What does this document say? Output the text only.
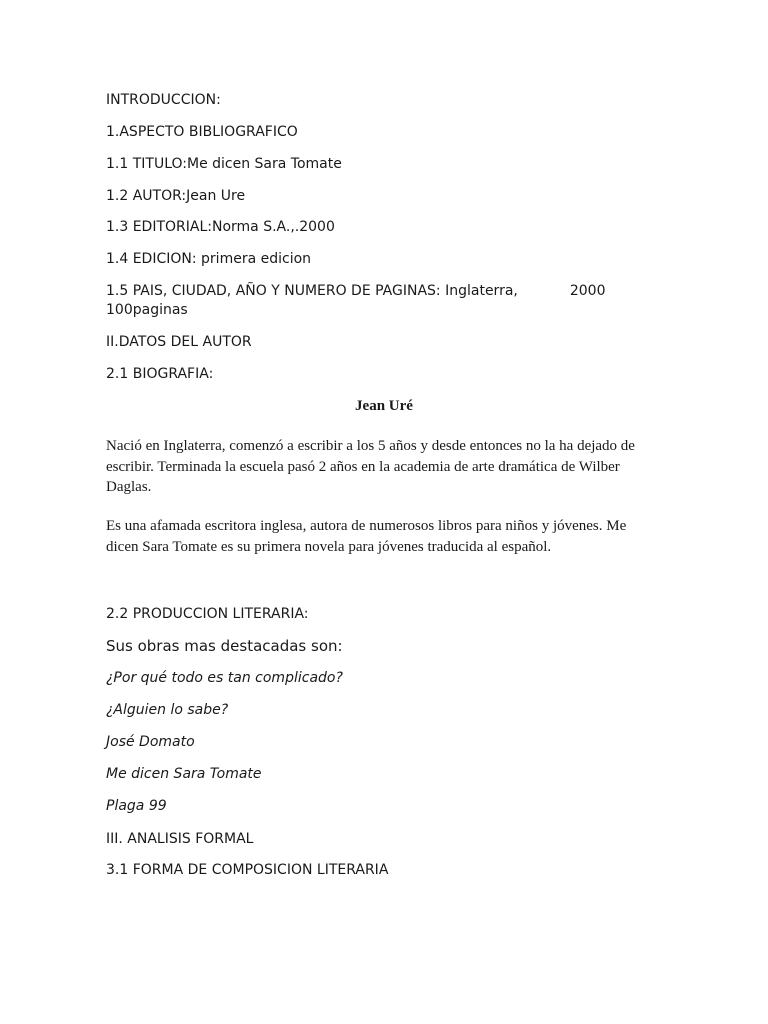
INTRODUCCION:
1.ASPECTO BIBLIOGRAFICO
1.1 TITULO:Me dicen Sara Tomate
1.2 AUTOR:Jean Ure
1.3 EDITORIAL:Norma S.A.,.2000
1.4 EDICION: primera edicion
1.5 PAIS, CIUDAD, AÑO Y NUMERO DE PAGINAS: Inglaterra,	2000
100paginas
II.DATOS DEL AUTOR
2.1 BIOGRAFIA:
Jean Uré
Nació en Inglaterra, comenzó a escribir a los 5 años y desde entonces no la ha dejado de escribir. Terminada la escuela pasó 2 años en la academia de arte dramática de Wilber Daglas.
Es una afamada escritora inglesa, autora de numerosos libros para niños y jóvenes. Me dicen Sara Tomate es su primera novela para jóvenes traducida al español.
2.2 PRODUCCION LITERARIA:
Sus obras mas destacadas son:
¿Por qué todo es tan complicado?
¿Alguien lo sabe?
José Domato
Me dicen Sara Tomate
Plaga 99
III. ANALISIS FORMAL
3.1 FORMA DE COMPOSICION LITERARIA
